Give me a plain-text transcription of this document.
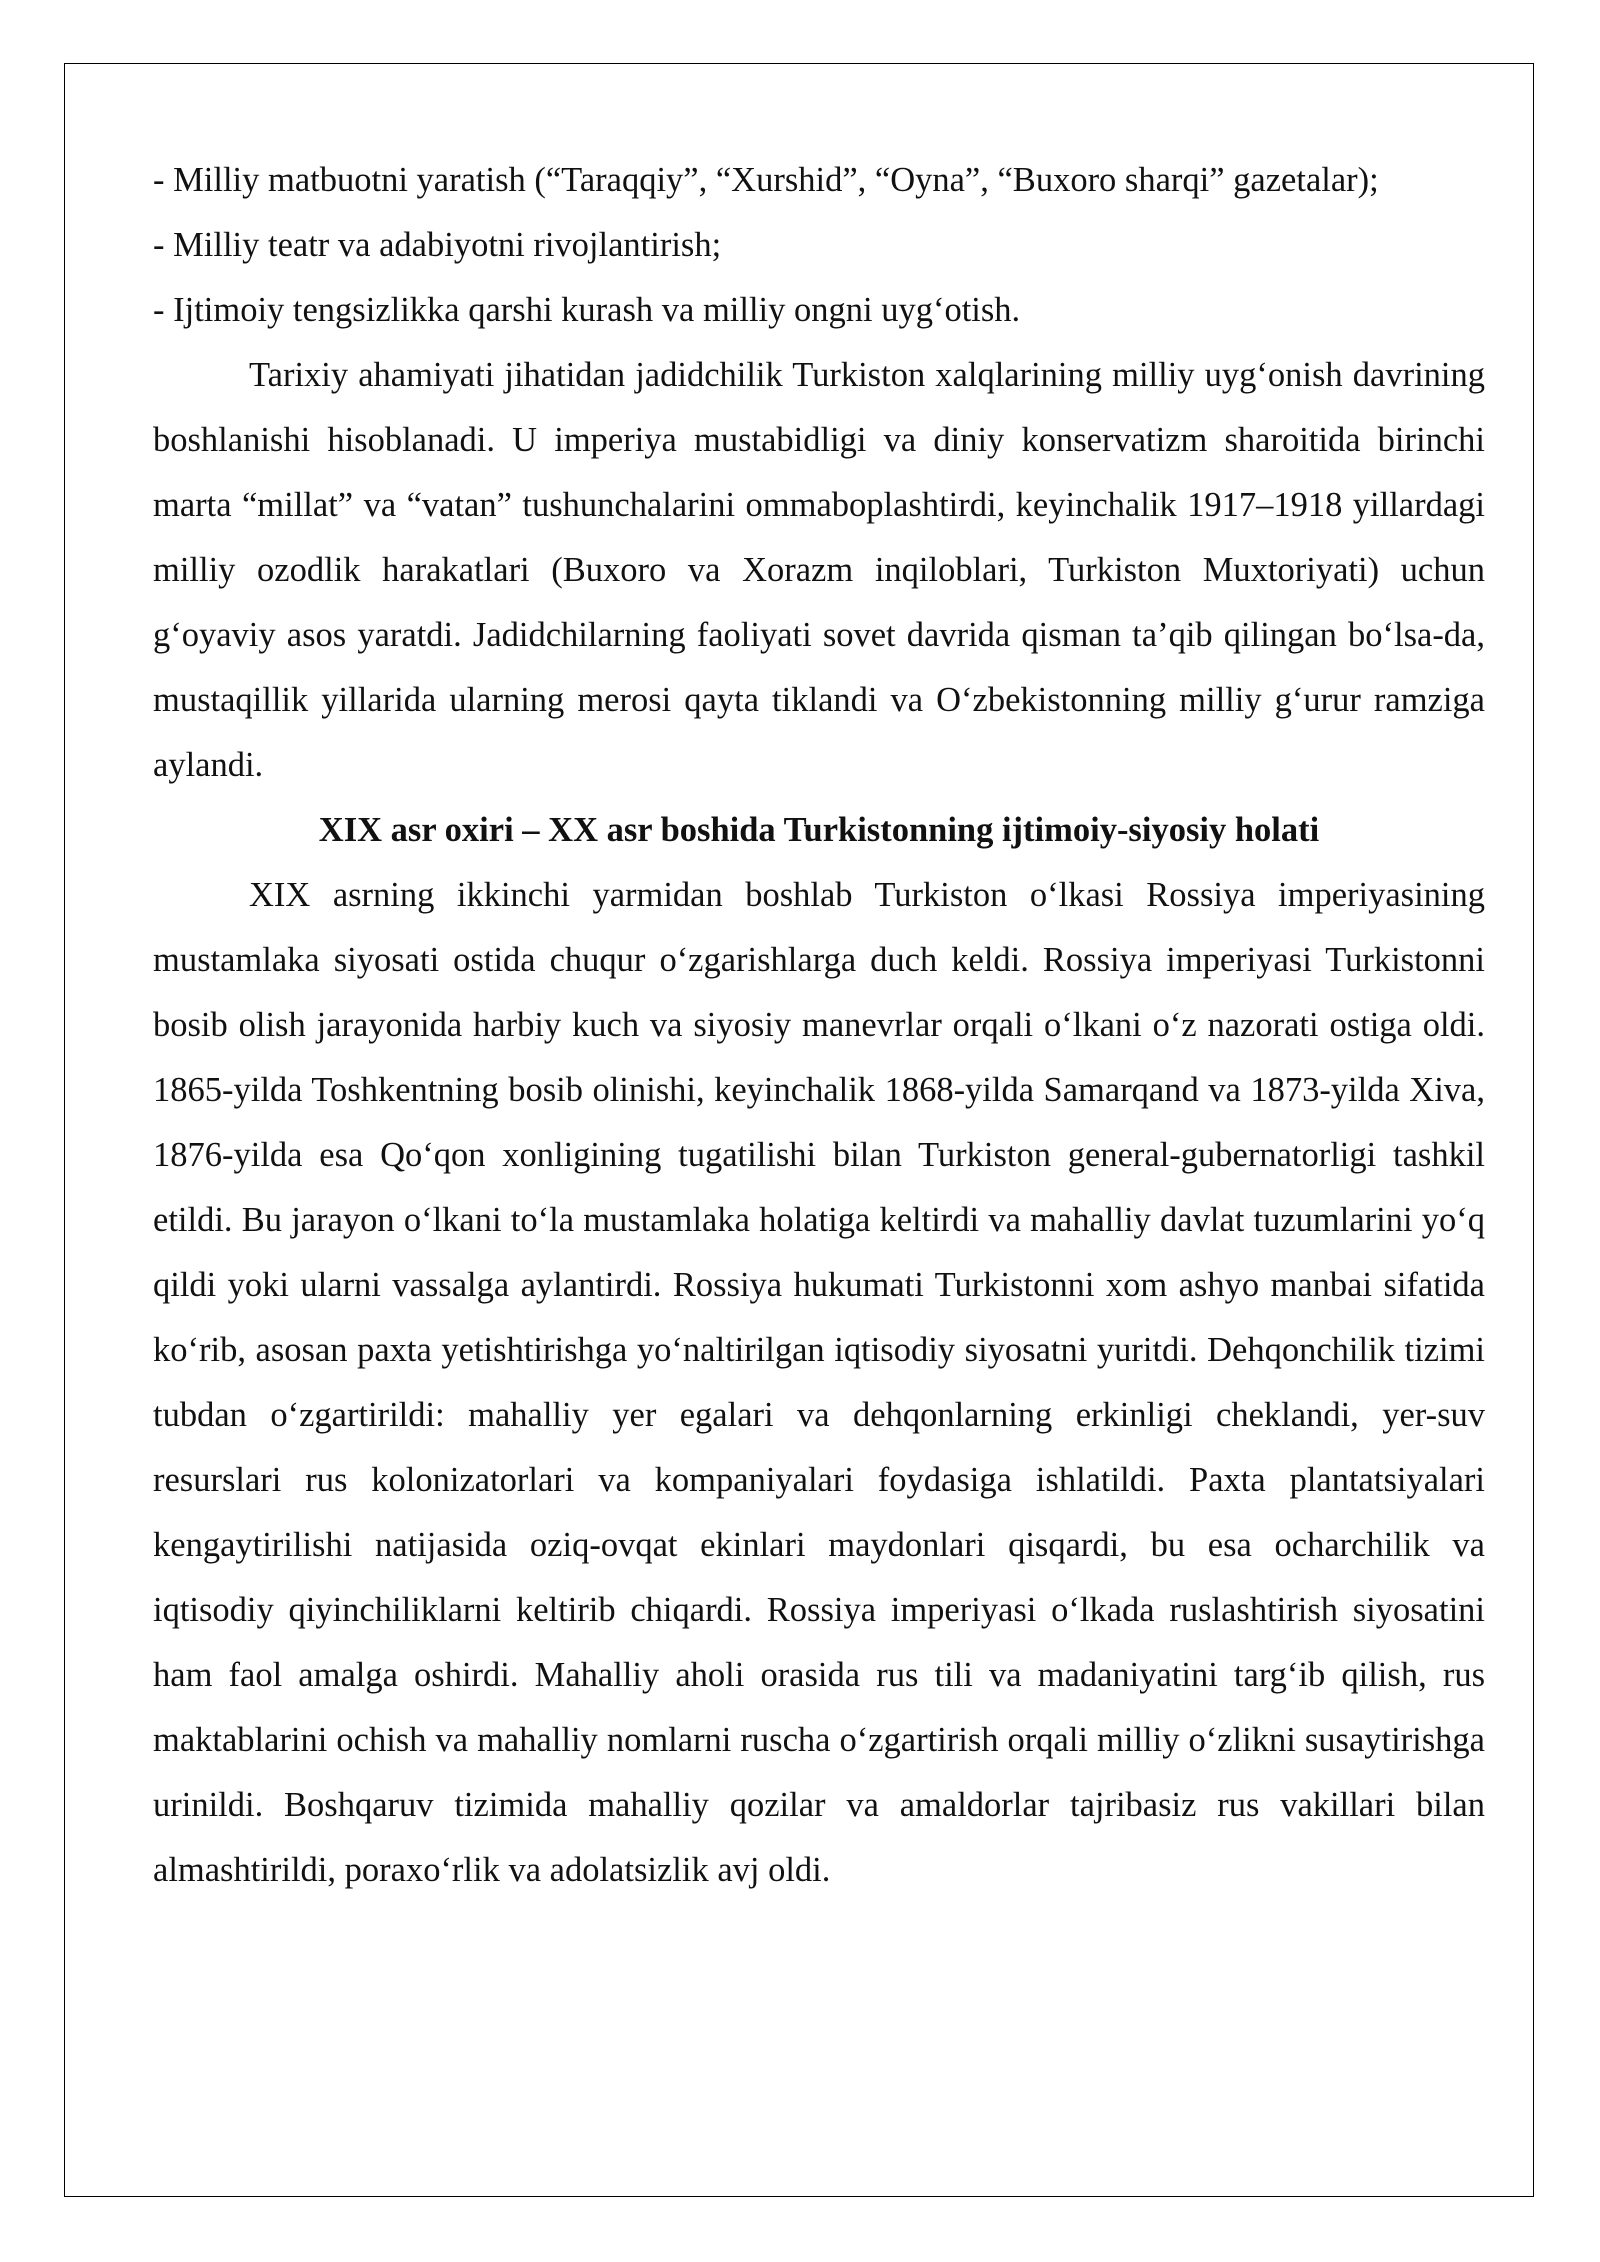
- Milliy matbuotni yaratish (“Taraqqiy”, “Xurshid”, “Oyna”, “Buxoro sharqi” gazetalar);

- Milliy teatr va adabiyotni rivojlantirish;

- Ijtimoiy tengsizlikka qarshi kurash va milliy ongni uyg‘otish.

Tarixiy ahamiyati jihatidan jadidchilik Turkiston xalqlarining milliy uyg‘onish davrining boshlanishi hisoblanadi. U imperiya mustabidligi va diniy konservatizm sharoitida birinchi marta “millat” va “vatan” tushunchalarini ommaboplashtirdi, keyinchalik 1917–1918 yillardagi milliy ozodlik harakatlari (Buxoro va Xorazm inqiloblari, Turkiston Muxtoriyati) uchun g‘oyaviy asos yaratdi. Jadidchilarning faoliyati sovet davrida qisman ta’qib qilingan bo‘lsa-da, mustaqillik yillarida ularning merosi qayta tiklandi va O‘zbekistonning milliy g‘urur ramziga aylandi.

XIX asr oxiri – XX asr boshida Turkistonning ijtimoiy-siyosiy holati

XIX asrning ikkinchi yarmidan boshlab Turkiston o‘lkasi Rossiya imperiyasining mustamlaka siyosati ostida chuqur o‘zgarishlarga duch keldi. Rossiya imperiyasi Turkistonni bosib olish jarayonida harbiy kuch va siyosiy manevrlar orqali o‘lkani o‘z nazorati ostiga oldi. 1865-yilda Toshkentning bosib olinishi, keyinchalik 1868-yilda Samarqand va 1873-yilda Xiva, 1876-yilda esa Qo‘qon xonligining tugatilishi bilan Turkiston general-gubernatorligi tashkil etildi. Bu jarayon o‘lkani to‘la mustamlaka holatiga keltirdi va mahalliy davlat tuzumlarini yo‘q qildi yoki ularni vassalga aylantirdi. Rossiya hukumati Turkistonni xom ashyo manbai sifatida ko‘rib, asosan paxta yetishtirishga yo‘naltirilgan iqtisodiy siyosatni yuritdi. Dehqonchilik tizimi tubdan o‘zgartirildi: mahalliy yer egalari va dehqonlarning erkinligi cheklandi, yer-suv resurslari rus kolonizatorlari va kompaniyalari foydasiga ishlatildi. Paxta plantatsiyalari kengaytirilishi natijasida oziq-ovqat ekinlari maydonlari qisqardi, bu esa ocharchilik va iqtisodiy qiyinchiliklarni keltirib chiqardi. Rossiya imperiyasi o‘lkada ruslashtirish siyosatini ham faol amalga oshirdi. Mahalliy aholi orasida rus tili va madaniyatini targ‘ib qilish, rus maktablarini ochish va mahalliy nomlarni ruscha o‘zgartirish orqali milliy o‘zlikni susaytirishga urinildi. Boshqaruv tizimida mahalliy qozilar va amaldorlar tajribasiz rus vakillari bilan almashtirildi, poraxo‘rlik va adolatsizlik avj oldi.
